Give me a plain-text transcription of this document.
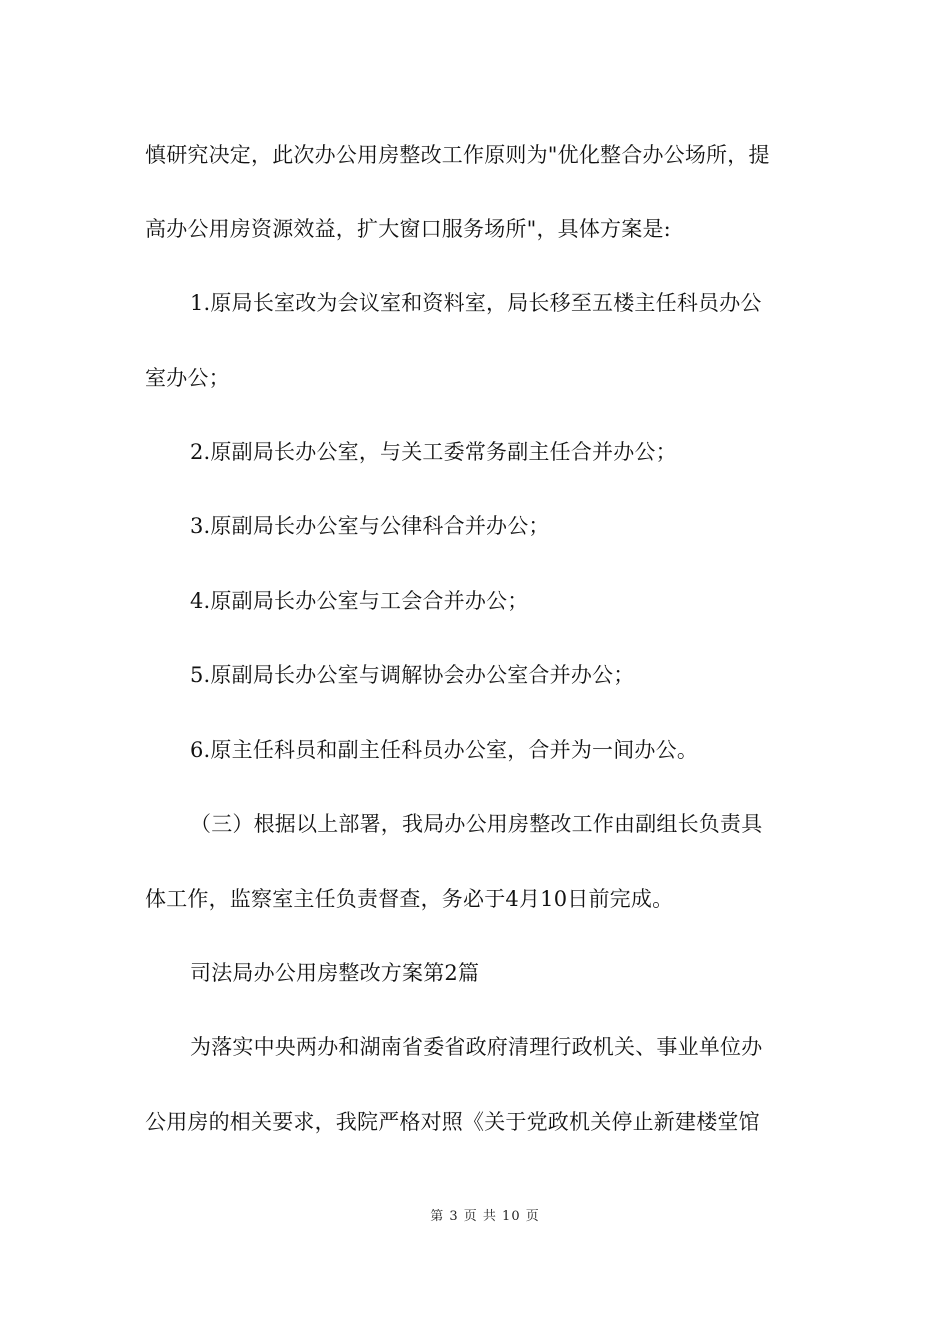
慎研究决定，此次办公用房整改工作原则为"优化整合办公场所，提
高办公用房资源效益，扩大窗口服务场所"，具体方案是:
1.原局长室改为会议室和资料室，局长移至五楼主任科员办公
室办公；
2.原副局长办公室，与关工委常务副主任合并办公；
3.原副局长办公室与公律科合并办公；
4.原副局长办公室与工会合并办公；
5.原副局长办公室与调解协会办公室合并办公；
6.原主任科员和副主任科员办公室，合并为一间办公。
（三）根据以上部署，我局办公用房整改工作由副组长负责具
体工作，监察室主任负责督查，务必于4月10日前完成。
司法局办公用房整改方案第2篇
为落实中央两办和湖南省委省政府清理行政机关、事业单位办
公用房的相关要求，我院严格对照《关于党政机关停止新建楼堂馆
第 3 页 共 10 页
